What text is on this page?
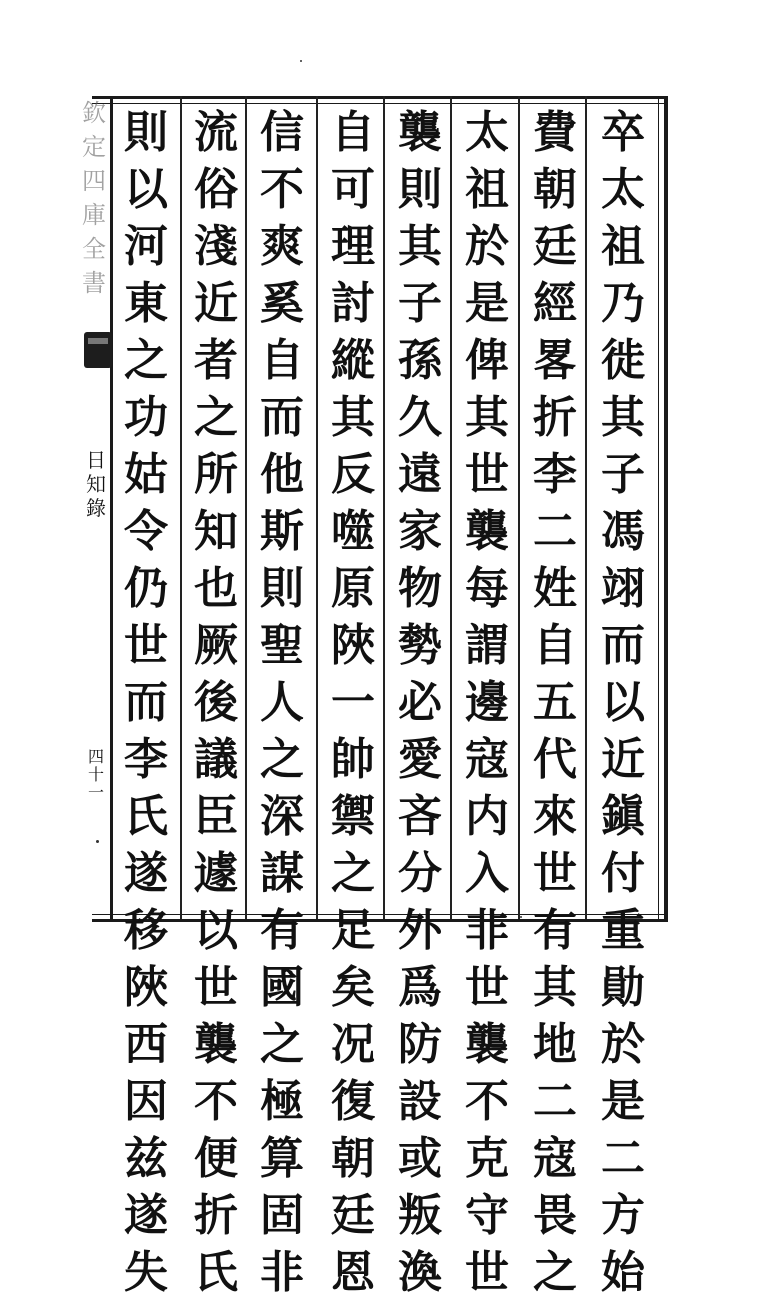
欽
定
四
庫
全
書
日
知
錄
四
十
一
卒
太
祖
乃
徙
其
子
馮
翊
而
以
近
鎭
付
重
勛
於
是
二
方
始
費
朝
廷
經
畧
折
李
二
姓
自
五
代
來
世
有
其
地
二
寇
畏
之
太
祖
於
是
俾
其
世
襲
每
謂
邊
寇
内
入
非
世
襲
不
克
守
世
襲
則
其
子
孫
久
遠
家
物
勢
必
愛
吝
分
外
爲
防
設
或
叛
渙
自
可
理
討
縱
其
反
噬
原
陜
一
帥
禦
之
足
矣
况
復
朝
廷
恩
信
不
爽
奚
自
而
他
斯
則
聖
人
之
深
謀
有
國
之
極
算
固
非
流
俗
淺
近
者
之
所
知
也
厥
後
議
臣
遽
以
世
襲
不
便
折
氏
則
以
河
東
之
功
姑
令
仍
世
而
李
氏
遂
移
陜
西
因
兹
遂
失
